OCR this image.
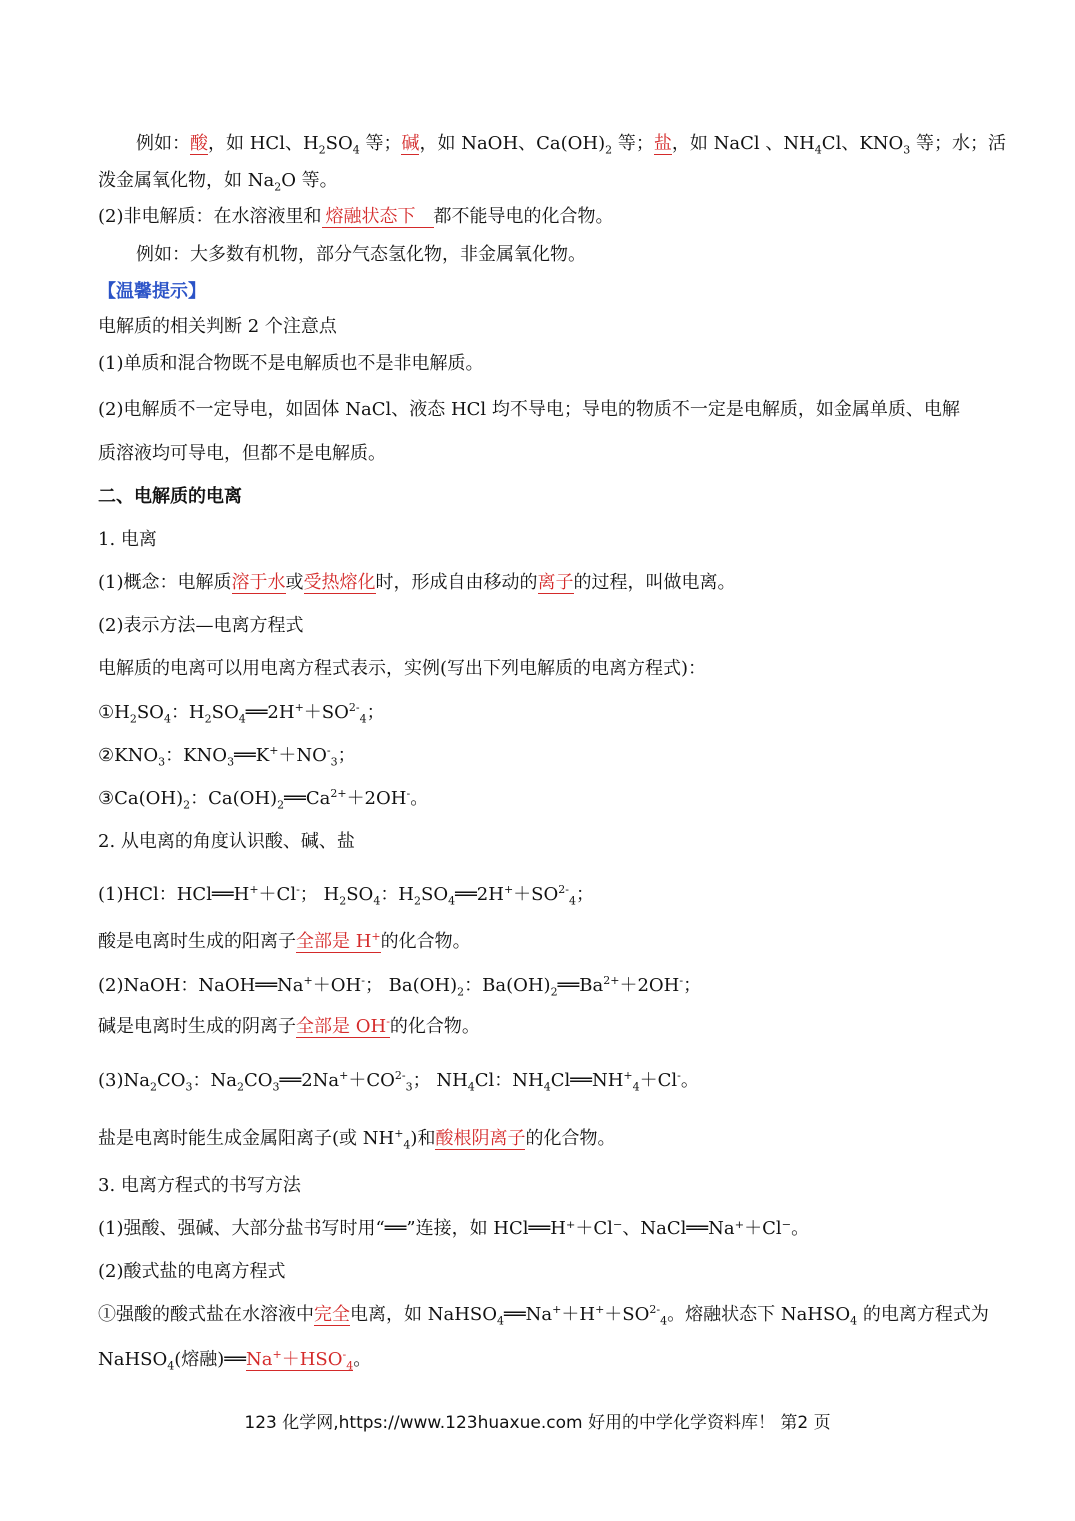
例如：酸，如 HCl、$H_2SO_4$ 等；碱，如 NaOH、$Ca(OH)_2$ 等；盐，如 NaCl 、$NH_4Cl$、$KNO_3$ 等；水；活
泼金属氧化物，如 $Na_2O$ 等。
(2)非电解质：在水溶液里和 熔融状态下 都不能导电的化合物。
例如：大多数有机物，部分气态氢化物，非金属氧化物。
【温馨提示】
电解质的相关判断 2 个注意点
(1)单质和混合物既不是电解质也不是非电解质。
(2)电解质不一定导电，如固体 NaCl、液态 HCl 均不导电；导电的物质不一定是电解质，如金属单质、电解
质溶液均可导电，但都不是电解质。
二、电解质的电离
1. 电离
(1)概念：电解质溶于水或受热熔化时，形成自由移动的离子的过程，叫做电离。
(2)表示方法—电离方程式
电解质的电离可以用电离方程式表示，实例(写出下列电解质的电离方程式)：
$①H_2SO_4$：$H_2SO_4══2H^++SO^{2-}_4$；
$②KNO_3$：$KNO_3══K^++NO^-_3$；
$③Ca(OH)_2$：$Ca(OH)_2══Ca^{2+}+2OH^-$。
2. 从电离的角度认识酸、碱、盐
(1)HCl：HCl══H+＋Cl-； $H_2SO_4$：$H_2SO_4══2H^++SO^{2-}_4$；
酸是电离时生成的阳离子全部是 H+的化合物。
(2)NaOH：NaOH══Na+＋OH-； $Ba(OH)_2$：$Ba(OH)_2══Ba^{2+}+2OH^-$；
碱是电离时生成的阴离子全部是 OH-的化合物。
$(3)Na_2CO_3$：$Na_2CO_3══2Na^++CO^{2-}_3$； $NH_4Cl$：$NH_4Cl══NH^+_4+Cl^-$。
盐是电离时能生成金属阳离子(或 $NH^+_4$)和酸根阴离子的化合物。
3. 电离方程式的书写方法
(1)强酸、强碱、大部分盐书写时用“══”连接，如 HCl══H⁺＋Cl⁻、NaCl══Na⁺＋Cl⁻。
(2)酸式盐的电离方程式
①强酸的酸式盐在水溶液中完全电离，如 $NaHSO_4══Na^++H^++SO^{2-}_4$。熔融状态下 NaHSO$_4$ 的电离方程式为
NaHSO$_4$(熔融)$══Na^++HSO^-_4$。
123 化学网,https://www.123huaxue.com 好用的中学化学资料库！ 第2 页
